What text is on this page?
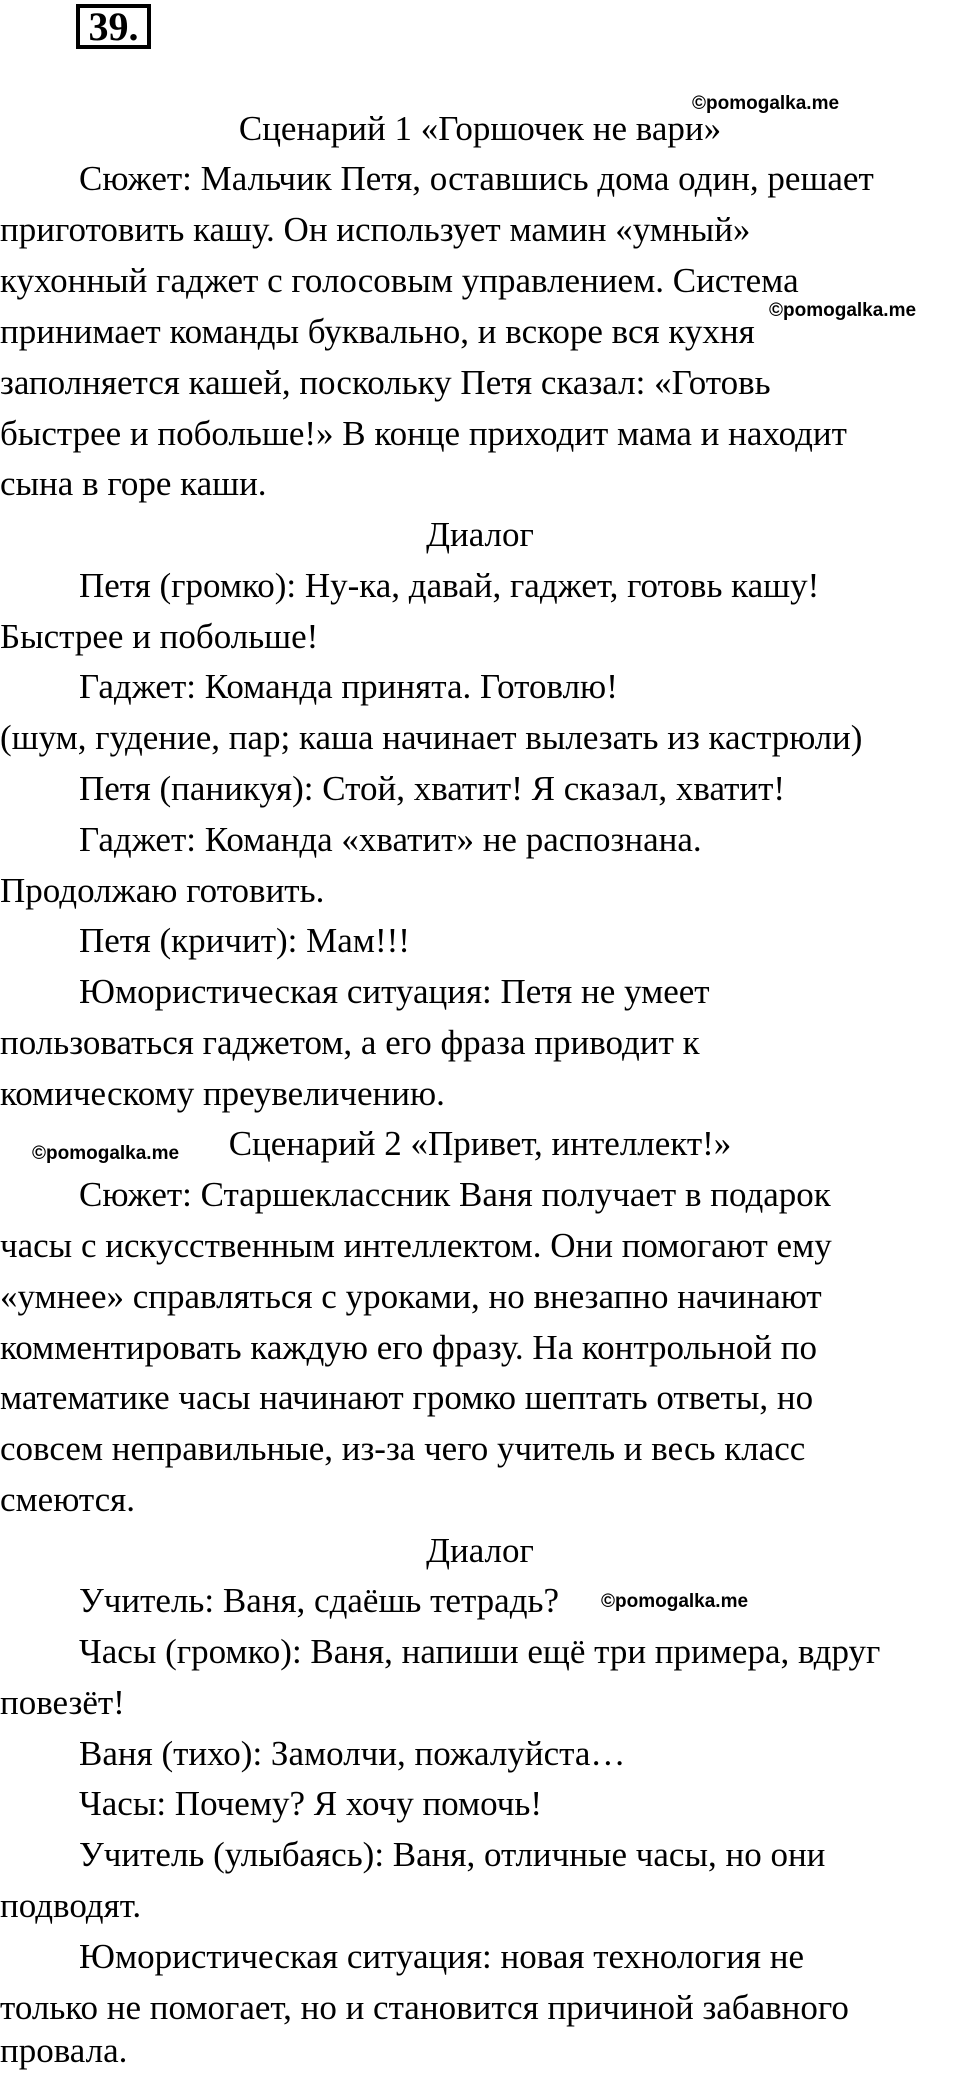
39.
©pomogalka.me
©pomogalka.me
©pomogalka.me
©pomogalka.me
Сценарий 1 «Горшочек не вари»
Сюжет: Мальчик Петя, оставшись дома один, решает
приготовить кашу. Он использует мамин «умный»
кухонный гаджет с голосовым управлением. Система
принимает команды буквально, и вскоре вся кухня
заполняется кашей, поскольку Петя сказал: «Готовь
быстрее и побольше!» В конце приходит мама и находит
сына в горе каши.
Диалог
Петя (громко): Ну-ка, давай, гаджет, готовь кашу!
Быстрее и побольше!
Гаджет: Команда принята. Готовлю!
(шум, гудение, пар; каша начинает вылезать из кастрюли)
Петя (паникуя): Стой, хватит! Я сказал, хватит!
Гаджет: Команда «хватит» не распознана.
Продолжаю готовить.
Петя (кричит): Мам!!!
Юмористическая ситуация: Петя не умеет
пользоваться гаджетом, а его фраза приводит к
комическому преувеличению.
Сценарий 2 «Привет, интеллект!»
Сюжет: Старшеклассник Ваня получает в подарок
часы с искусственным интеллектом. Они помогают ему
«умнее» справляться с уроками, но внезапно начинают
комментировать каждую его фразу. На контрольной по
математике часы начинают громко шептать ответы, но
совсем неправильные, из-за чего учитель и весь класс
смеются.
Диалог
Учитель: Ваня, сдаёшь тетрадь?
Часы (громко): Ваня, напиши ещё три примера, вдруг
повезёт!
Ваня (тихо): Замолчи, пожалуйста…
Часы: Почему? Я хочу помочь!
Учитель (улыбаясь): Ваня, отличные часы, но они
подводят.
Юмористическая ситуация: новая технология не
только не помогает, но и становится причиной забавного
провала.
